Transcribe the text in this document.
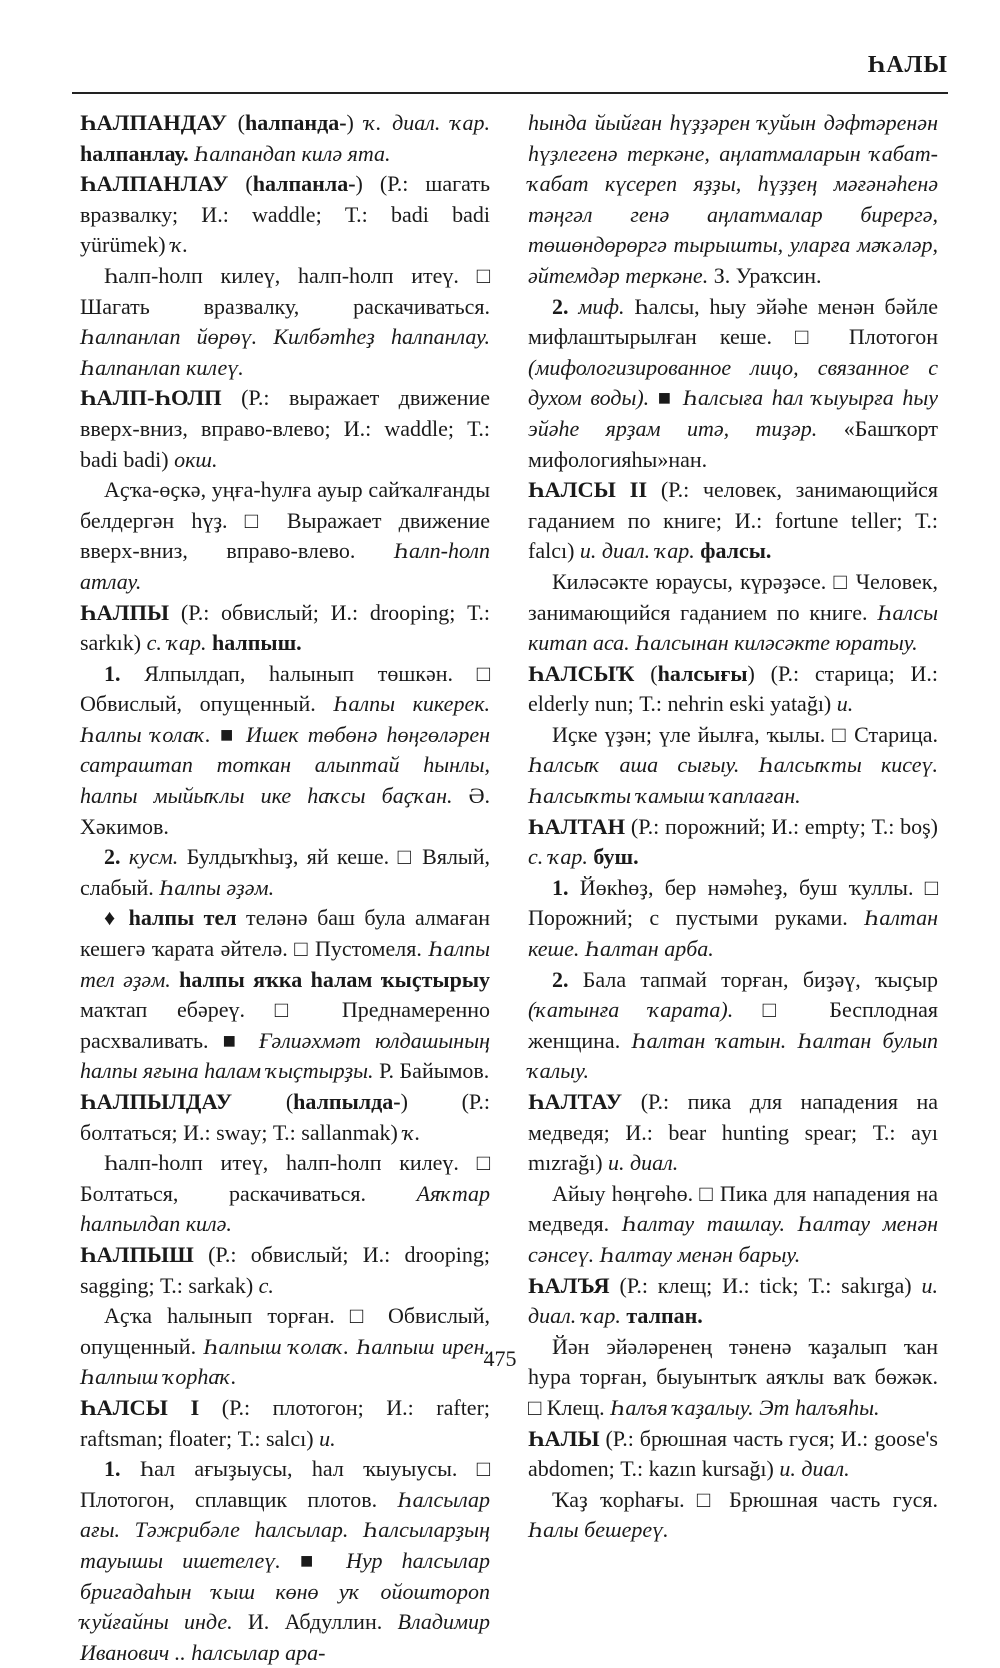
ҺАЛЫ

ҺАЛПАНДАУ (һалпанда-) ҡ. диал. ҡар. һалпанлау. Һалпандап килә ята.

ҺАЛПАНЛАУ (һалпанла-) (Р.: шагать вразвалку; И.: waddle; Т.: badi badi yürümek) ҡ.

Һалп-һолп килеү, һалп-һолп итеү. □ Шагать вразвалку, раскачиваться. Һалпанлап йөрөү. Килбәтһеҙ һалпанлау. Һалпанлап килеү.

ҺАЛП-ҺОЛП (Р.: выражает движение вверх-вниз, вправо-влево; И.: waddle; Т.: badi badi) окш.

Аҫҡа-өҫкә, уңға-һулға ауыр сайҡалғанды белдергән һүҙ. □ Выражает движение вверх-вниз, вправо-влево. Һалп-һолп атлау.

ҺАЛПЫ (Р.: обвислый; И.: drooping; Т.: sarkık) с. ҡар. һалпыш.

1. Ялпылдап, һалынып төшкән. □ Обвислый, опущенный. Һалпы кикерек. Һалпы ҡолаҡ. ■ Ишек төбөнә һөңгөләрен сатраштап тоткан алыптай һынлы, һалпы мыйыҡлы ике һаҡсы баҫҡан. Ә. Хәкимов.

2. кусм. Булдыҡһыҙ, яй кеше. □ Вялый, слабый. Һалпы әҙәм.

♦ һалпы тел теләнә баш була алмаған кешегә ҡарата әйтелә. □ Пустомеля. Һалпы тел әҙәм. һалпы яҡка һалам ҡыҫтырыу маҡтап ебәреү. □ Преднамеренно расхваливать. ■ Ғәлиәхмәт юлдашының һалпы яғына һалам ҡыҫтырҙы. Р. Байымов.

ҺАЛПЫЛДАУ (һалпылда-) (Р.: болтаться; И.: sway; Т.: sallanmak) ҡ.

Һалп-һолп итеү, һалп-һолп килеү. □ Болтаться, раскачиваться. Аяҡтар һалпылдап килә.

ҺАЛПЫШ (Р.: обвислый; И.: drooping; sagging; Т.: sarkak) с.

Аҫҡа һалынып торған. □ Обвислый, опущенный. Һалпыш ҡолаҡ. Һалпыш ирен. Һалпыш ҡорһаҡ.

ҺАЛСЫ I (Р.: плотогон; И.: rafter; raftsman; floater; Т.: salcı) и.

1. Һал ағыҙыусы, һал ҡыуыусы. □ Плотогон, сплавщик плотов. Һалсылар ағы. Тәжрибәле һалсылар. Һалсыларҙың тауышы ишетелеү. ■ Нур һалсылар бригадаһын ҡыш көнө уҡ ойоштороп ҡуйғайны инде. И. Абдуллин. Владимир Иванович .. һалсылар ара-

һында йыйған һүҙҙәрен ҡуйын дәфтәренән һүҙлегенә теркәне, аңлатмаларын ҡабат-ҡабат күсереп яҙҙы, һүҙҙең мәғәнәһенә тәңгәл генә аңлатмалар бирергә, төшөндөрөргә тырышты, уларға мәҡәләр, әйтемдәр теркәне. З. Ураҡсин.

2. миф. Һалсы, һыу эйәһе менән бәйле мифлаштырылған кеше. □ Плотогон (мифологизированное лицо, связанное с духом воды). ■ Һалсыға һал ҡыуырға һыу эйәһе ярҙам итә, тиҙәр. «Башҡорт мифологияһы»нан.

ҺАЛСЫ II (Р.: человек, занимающийся гаданием по книге; И.: fortune teller; Т.: falcı) и. диал. ҡар. фалсы.

Киләсәкте юраусы, күрәҙәсе. □ Человек, занимающийся гаданием по книге. Һалсы китап аса. Һалсынан киләсәкте юратыу.

ҺАЛСЫҠ (һалсығы) (Р.: старица; И.: elderly nun; Т.: nehrin eski yatağı) и.

Иҫке үҙән; үле йылға, ҡылы. □ Старица. Һалсыҡ аша сығыу. Һалсыҡты кисеү. Һалсыҡты ҡамыш ҡаплаған.

ҺАЛТАН (Р.: порожний; И.: empty; Т.: boş) с. ҡар. буш.

1. Йөкһөҙ, бер нәмәһеҙ, буш ҡуллы. □ Порожний; с пустыми руками. Һалтан кеше. Һалтан арба.

2. Бала тапмай торған, биҙәү, ҡыҫыр (ҡатынға ҡарата). □ Бесплодная женщина. Һалтан ҡатын. Һалтан булып ҡалыу.

ҺАЛТАУ (Р.: пика для нападения на медведя; И.: bear hunting spear; Т.: ayı mızrağı) и. диал.

Айыу һөңгөһө. □ Пика для нападения на медведя. Һалтау ташлау. Һалтау менән сәнсеү. Һалтау менән барыу.

ҺАЛЪЯ (Р.: клещ; И.: tick; Т.: sakırga) и. диал. ҡар. талпан.

Йән эйәләренең тәненә ҡаҙалып ҡан һура торған, быуынтыҡ аяҡлы ваҡ бөжәк. □ Клещ. Һалъя ҡаҙалыу. Эт һалъяһы.

ҺАЛЫ (Р.: брюшная часть гуся; И.: goose's abdomen; Т.: kazın kursağı) и. диал.

Ҡаҙ ҡорһағы. □ Брюшная часть гуся. Һалы бешереү.

475
